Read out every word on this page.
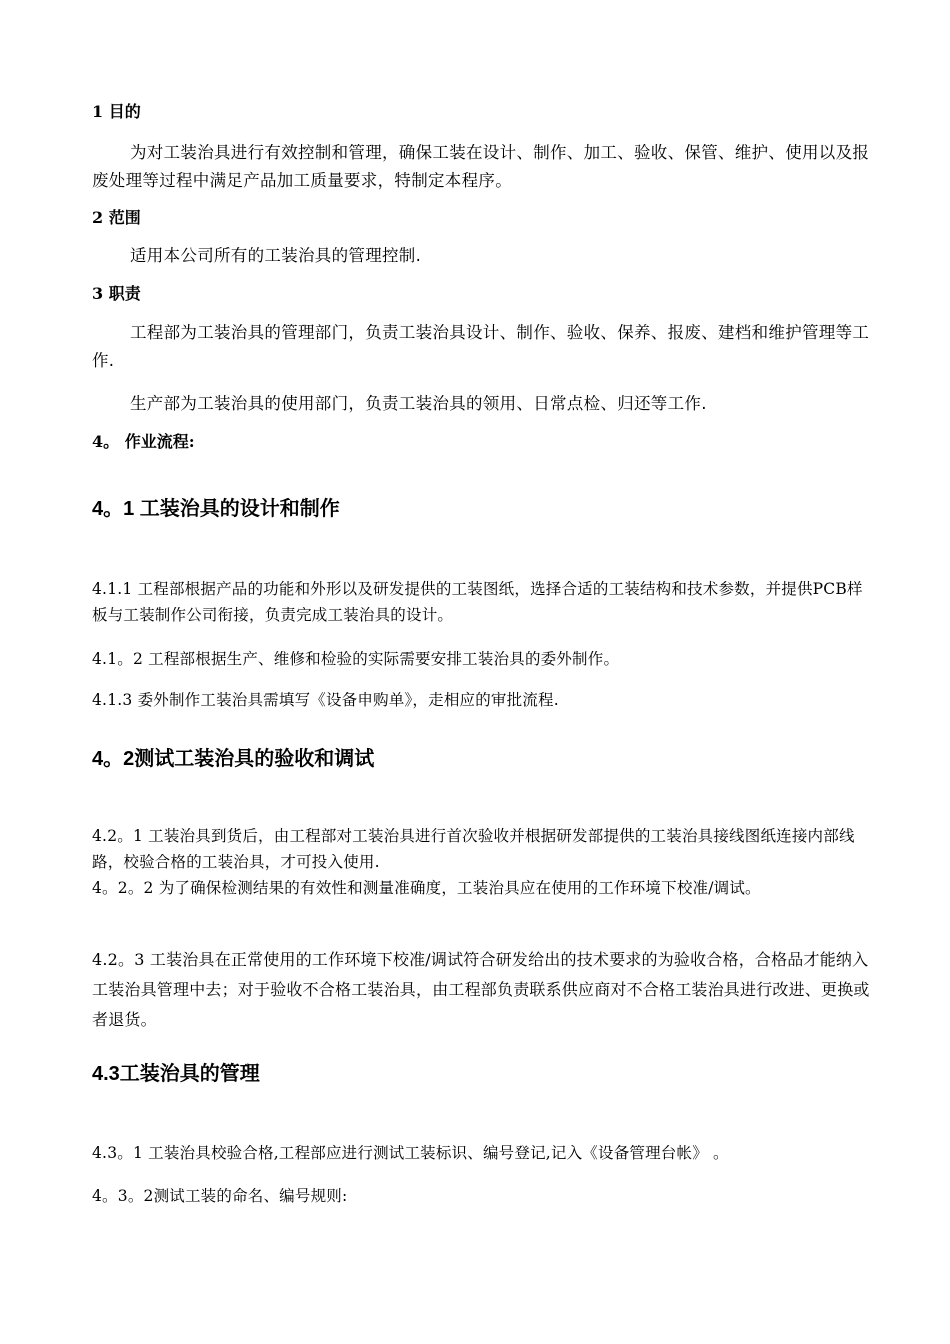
1 目的
为对工装治具进行有效控制和管理，确保工装在设计、制作、加工、验收、保管、维护、使用以及报废处理等过程中满足产品加工质量要求，特制定本程序。
2 范围
适用本公司所有的工装治具的管理控制.
3 职责
工程部为工装治具的管理部门，负责工装治具设计、制作、验收、保养、报废、建档和维护管理等工作.
生产部为工装治具的使用部门，负责工装治具的领用、日常点检、归还等工作.
4。 作业流程:
4。1 工装治具的设计和制作
4.1.1 工程部根据产品的功能和外形以及研发提供的工装图纸，选择合适的工装结构和技术参数，并提供PCB样板与工装制作公司衔接，负责完成工装治具的设计。
4.1。2 工程部根据生产、维修和检验的实际需要安排工装治具的委外制作。
4.1.3 委外制作工装治具需填写《设备申购单》，走相应的审批流程.
4。2测试工装治具的验收和调试
4.2。1 工装治具到货后，由工程部对工装治具进行首次验收并根据研发部提供的工装治具接线图纸连接内部线路，校验合格的工装治具，才可投入使用.
4。2。2 为了确保检测结果的有效性和测量准确度，工装治具应在使用的工作环境下校准/调试。
4.2。3 工装治具在正常使用的工作环境下校准/调试符合研发给出的技术要求的为验收合格，合格品才能纳入工装治具管理中去；对于验收不合格工装治具，由工程部负责联系供应商对不合格工装治具进行改进、更换或者退货。
4.3工装治具的管理
4.3。1 工装治具校验合格,工程部应进行测试工装标识、编号登记,记入《设备管理台帐》 。
4。3。2测试工装的命名、编号规则:
